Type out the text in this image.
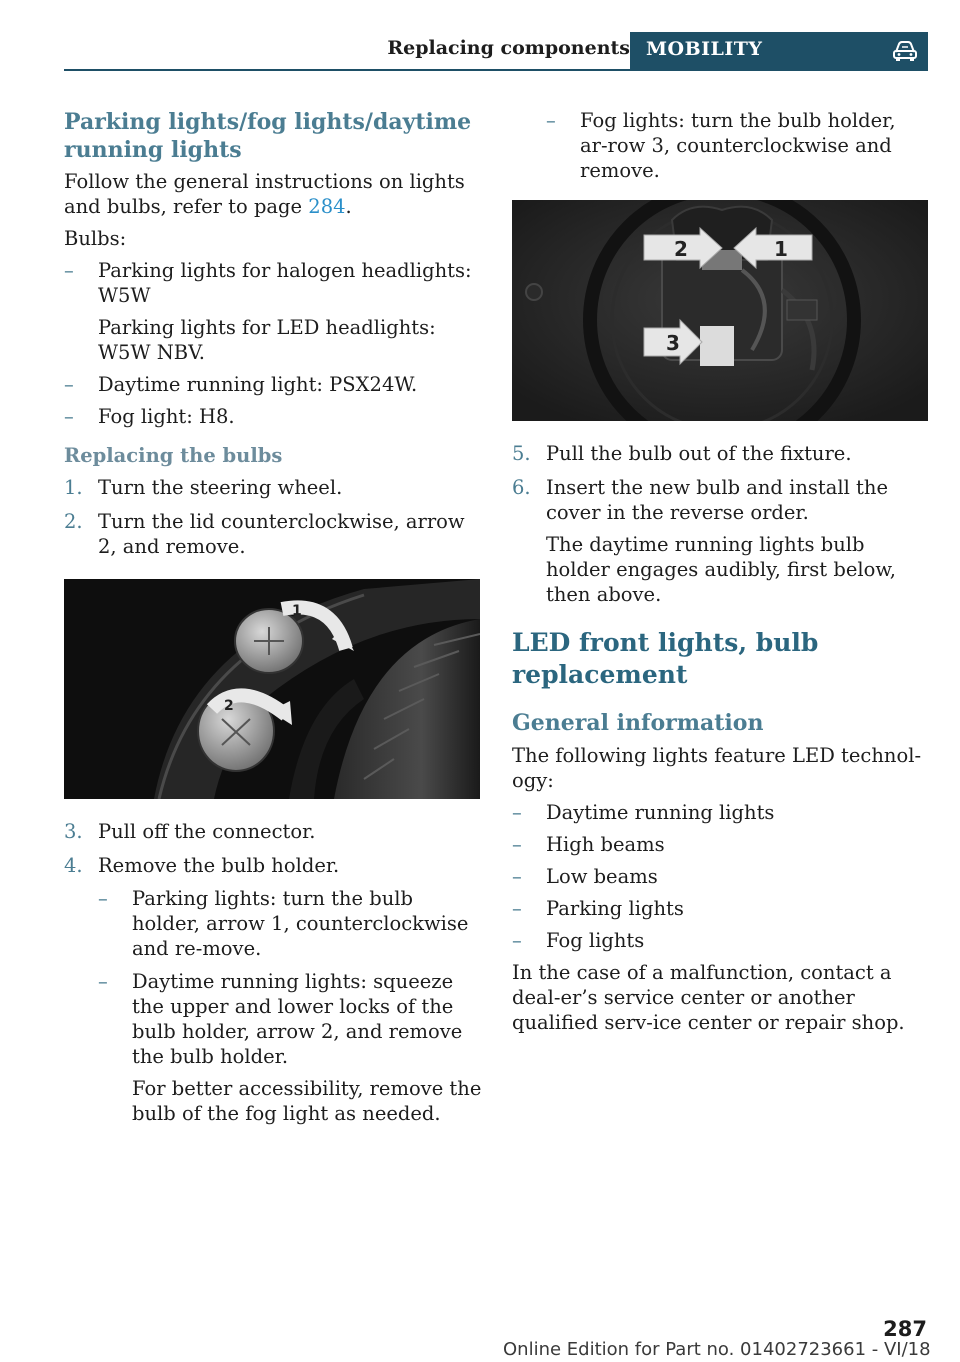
Replacing components MOBILITY
Parking lights/fog lights/daytime running lights

Follow the general instructions on lights and bulbs, refer to page 284.

Bulbs:

– Parking lights for halogen headlights: W5W

Parking lights for LED headlights: W5W NBV.

– Daytime running light: PSX24W.

– Fog light: H8.

Replacing the bulbs
1. Turn the steering wheel.
2. Turn the lid counterclockwise, arrow 2, and remove.
1
2
3. Pull off the connector.
4. Remove the bulb holder.
– Parking lights: turn the bulb holder, arrow 1, counterclockwise and re-move.

– Daytime running lights: squeeze the upper and lower locks of the bulb holder, arrow 2, and remove the bulb holder.

For better accessibility, remove the bulb of the fog light as needed.

– Fog lights: turn the bulb holder, ar-row 3, counterclockwise and remove.

2	1
3
5. Pull the bulb out of the fixture.
6. Insert the new bulb and install the cover in the reverse order.

The daytime running lights bulb holder engages audibly, first below, then above.

LED front lights, bulb replacement
General information

The following lights feature LED technol-ogy:

– Daytime running lights
– High beams
– Low beams
– Parking lights
– Fog lights

In the case of a malfunction, contact a deal-er’s service center or another qualified serv-ice center or repair shop.

287
Online Edition for Part no. 01402723661 - VI/18
